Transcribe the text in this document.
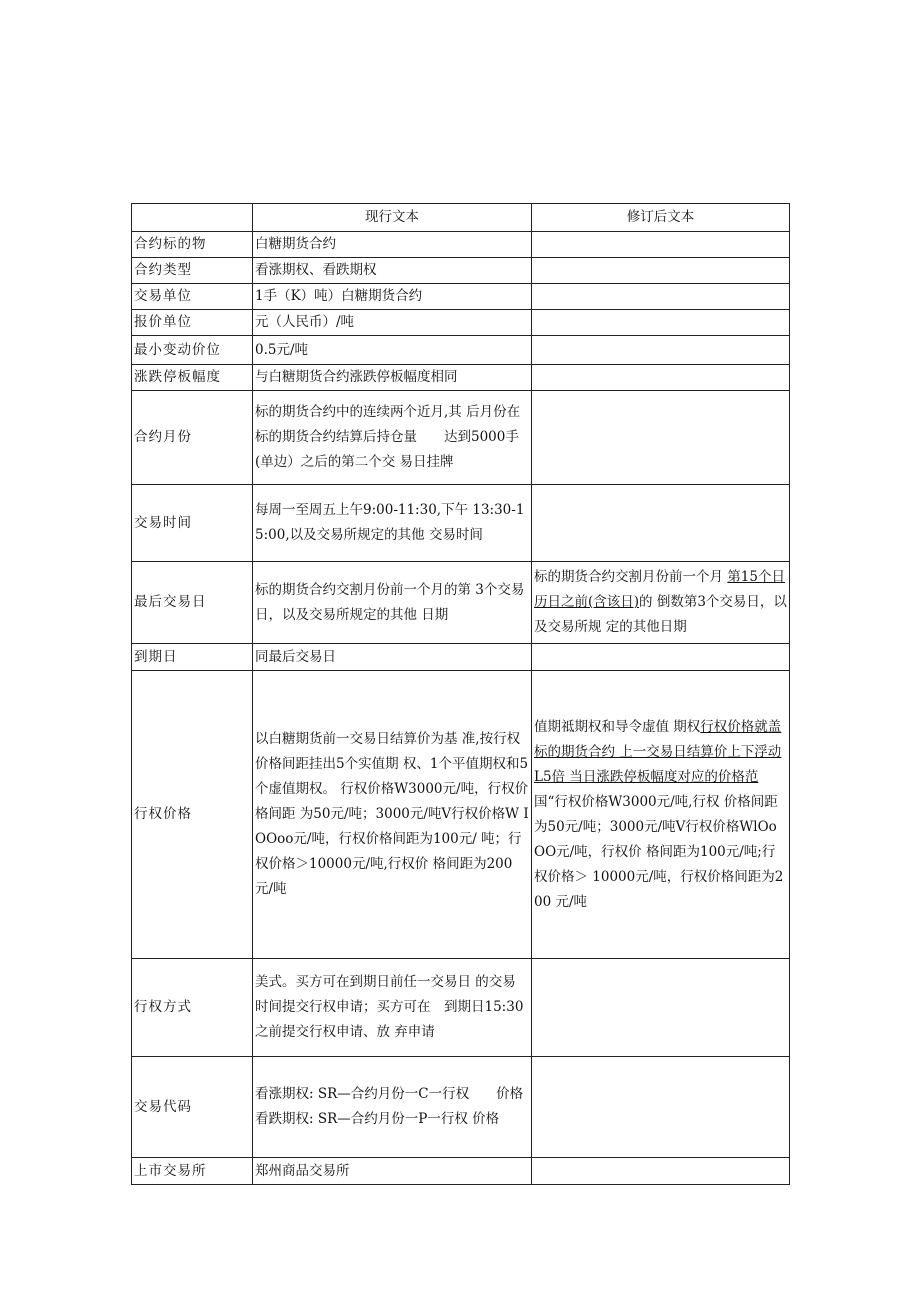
	现行文本	修订后文本
合约标的物	白糖期货合约	
合约类型	看涨期权、看跌期权	
交易单位	1手（K）吨）白糖期货合约	
报价单位	元（人民币）/吨	
最小变动价位	0.5元/吨	
涨跌停板幅度	与白糖期货合约涨跌停板幅度相同	
合约月份	标的期货合约中的连续两个近月,其 后月份在标的期货合约结算后持仓量　　达到5000手(单边）之后的第二个交 易日挂牌	
交易时间	每周一至周五上午9:00-11:30,下午 13:30-15:00,以及交易所规定的其他 交易时间	
最后交易日	标的期货合约交割月份前一个月的第 3个交易日，以及交易所规定的其他 日期	标的期货合约交割月份前一个月 第15个日历日之前(含该日)的 倒数第3个交易日，以及交易所规 定的其他日期
到期日	同最后交易日	
行权价格	以白糖期货前一交易日结算价为基 准,按行权价格间距挂出5个实值期 权、1个平值期权和5个虚值期权。 行权价格W3000元/吨，行权价格间距 为50元/吨；3000元/吨V行权价格W IOOoo元/吨，行权价格间距为100元/ 吨；行权价格＞10000元/吨,行权价 格间距为200元/吨	值期祗期权和导令虚值 期权行权价格就盖标的期货合约 上一交易日结算价上下浮动L5倍 当日涨跌停板幅度对应的价格范 国“行权价格W3000元/吨,行权 价格间距为50元/吨；3000元/吨V行权价格WlOoOO元/吨，行权价 格间距为100元/吨;行权价格＞ 10000元/吨，行权价格间距为200 元/吨
行权方式	美式。买方可在到期日前任一交易日 的交易时间提交行权申请；买方可在　到期日15:30之前提交行权申请、放 弃申请	
交易代码	看涨期权: SR—合约月份一C一行权　　价格
看跌期权: SR—合约月份一P一行权 价格	

上市交易所	郑州商品交易所	
